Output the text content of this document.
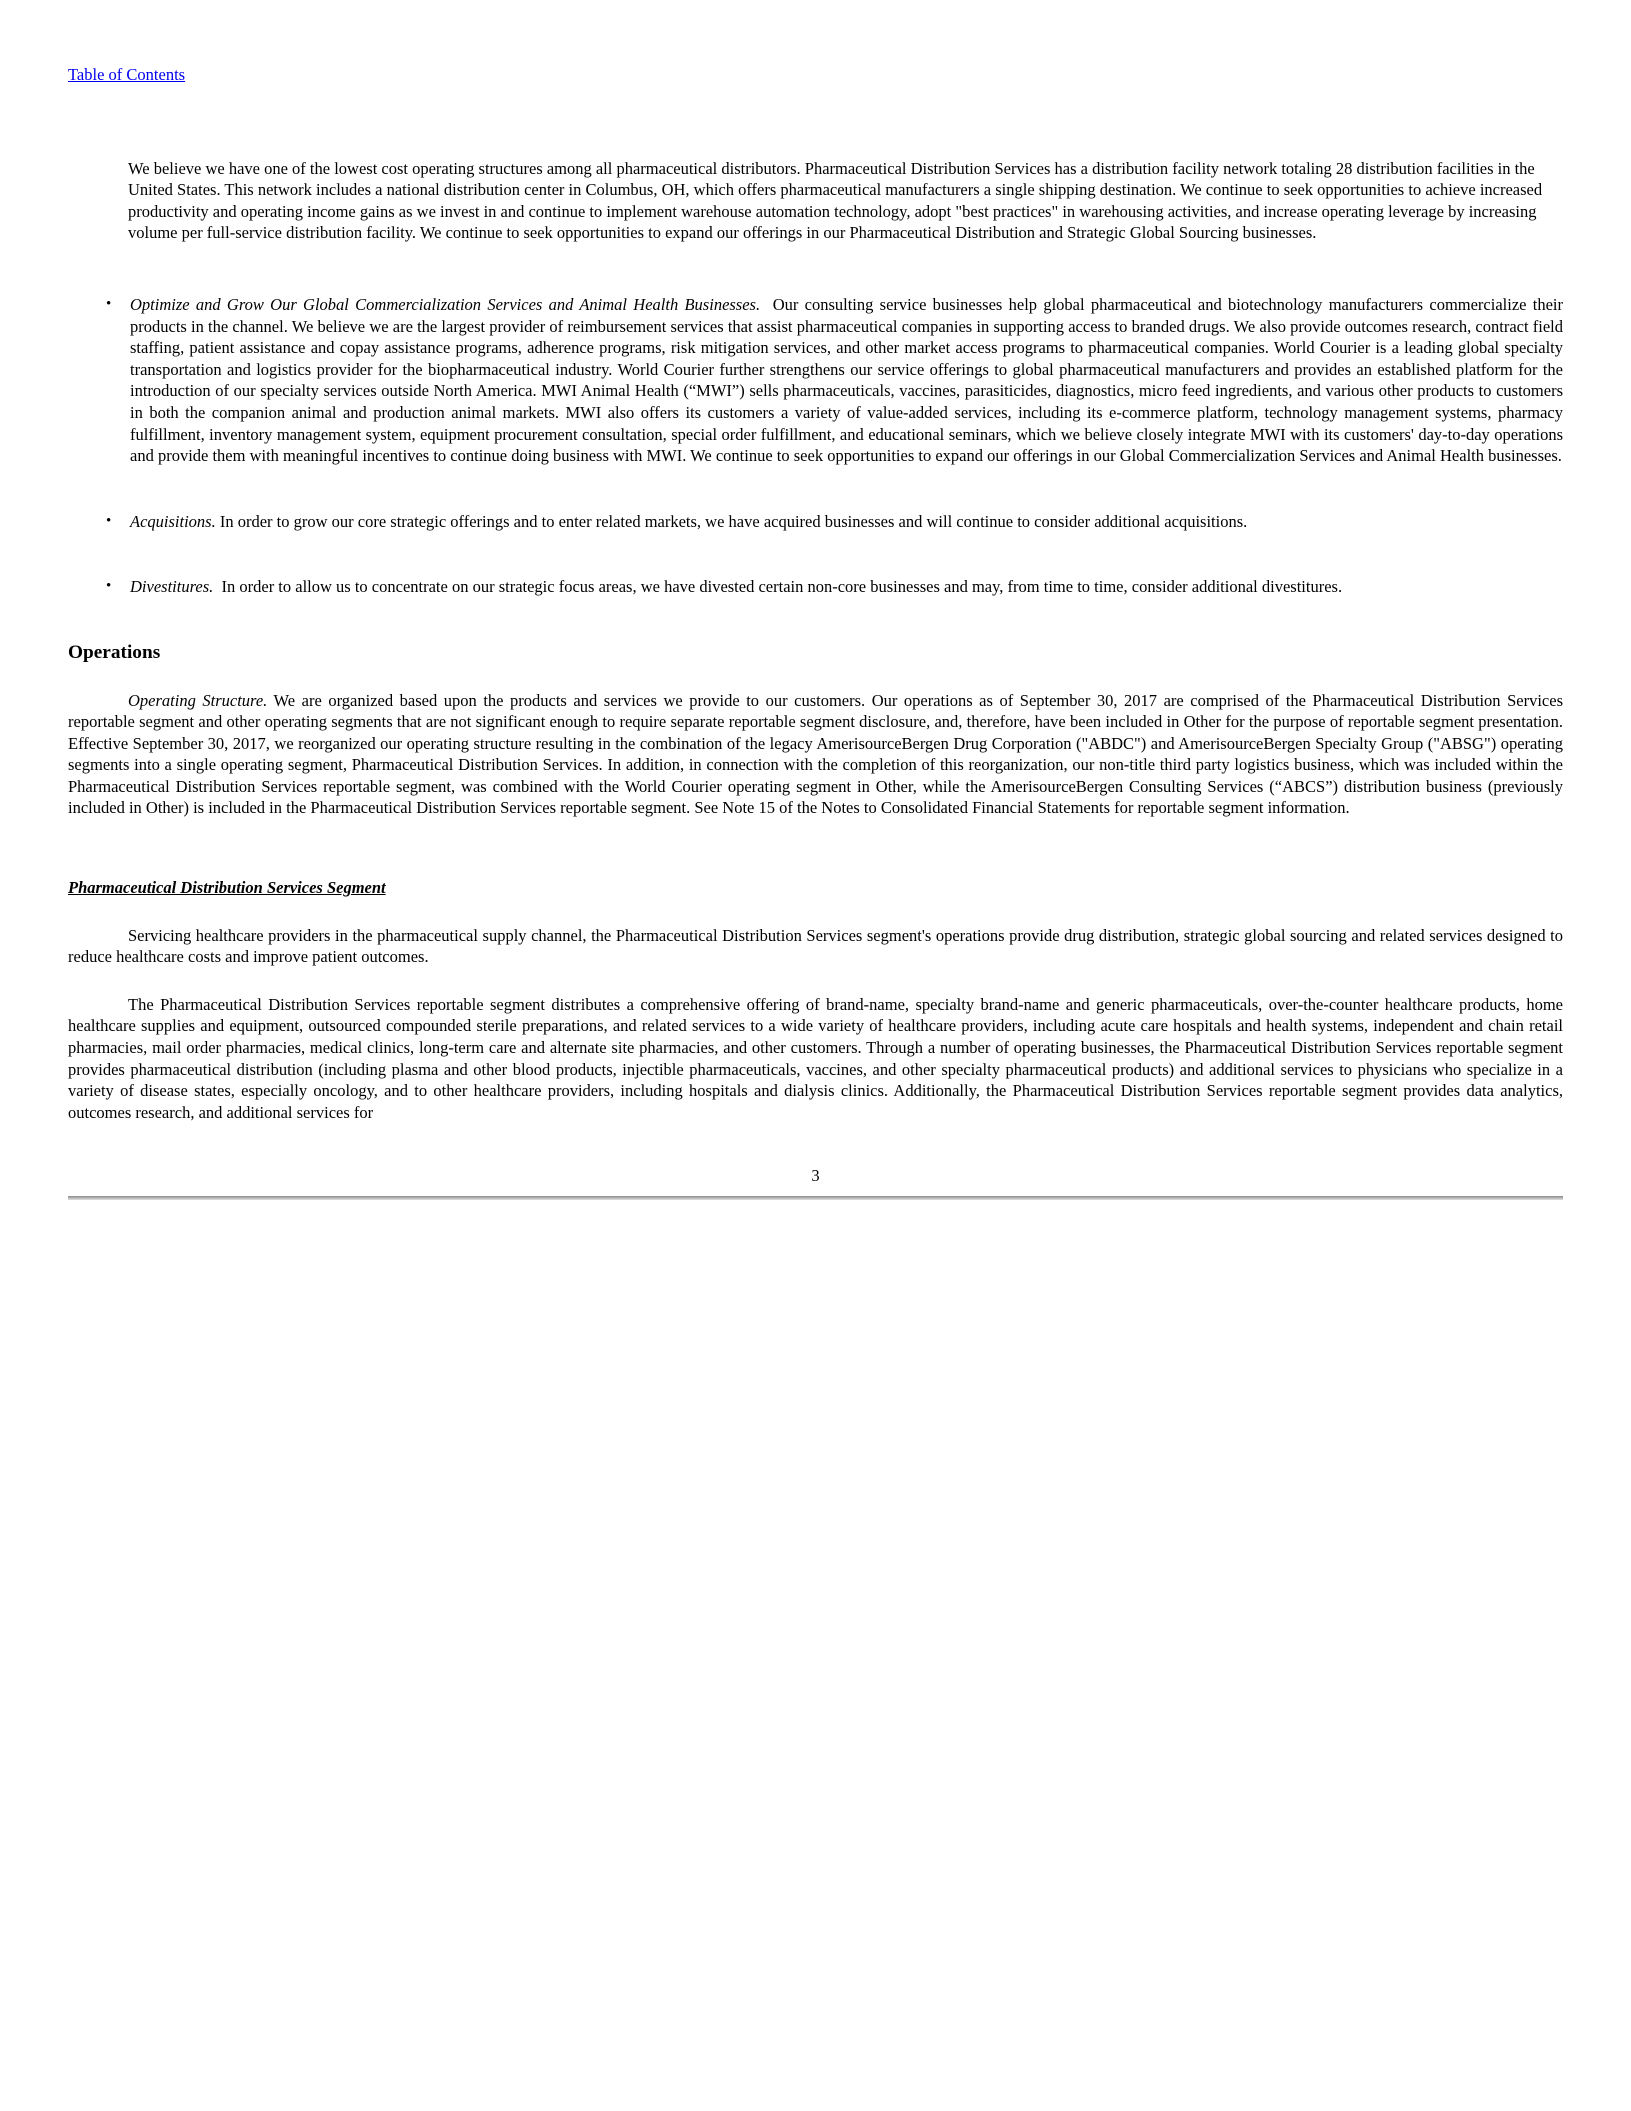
Table of Contents

We believe we have one of the lowest cost operating structures among all pharmaceutical distributors. Pharmaceutical Distribution Services has a distribution facility network totaling 28 distribution facilities in the United States. This network includes a national distribution center in Columbus, OH, which offers pharmaceutical manufacturers a single shipping destination. We continue to seek opportunities to achieve increased productivity and operating income gains as we invest in and continue to implement warehouse automation technology, adopt "best practices" in warehousing activities, and increase operating leverage by increasing volume per full-service distribution facility. We continue to seek opportunities to expand our offerings in our Pharmaceutical Distribution and Strategic Global Sourcing businesses.

•	Optimize and Grow Our Global Commercialization Services and Animal Health Businesses. Our consulting service businesses help global pharmaceutical and biotechnology manufacturers commercialize their products in the channel. We believe we are the largest provider of reimbursement services that assist pharmaceutical companies in supporting access to branded drugs. We also provide outcomes research, contract field staffing, patient assistance and copay assistance programs, adherence programs, risk mitigation services, and other market access programs to pharmaceutical companies. World Courier is a leading global specialty transportation and logistics provider for the biopharmaceutical industry. World Courier further strengthens our service offerings to global pharmaceutical manufacturers and provides an established platform for the introduction of our specialty services outside North America. MWI Animal Health (“MWI”) sells pharmaceuticals, vaccines, parasiticides, diagnostics, micro feed ingredients, and various other products to customers in both the companion animal and production animal markets. MWI also offers its customers a variety of value-added services, including its e-commerce platform, technology management systems, pharmacy fulfillment, inventory management system, equipment procurement consultation, special order fulfillment, and educational seminars, which we believe closely integrate MWI with its customers' day-to-day operations and provide them with meaningful incentives to continue doing business with MWI. We continue to seek opportunities to expand our offerings in our Global Commercialization Services and Animal Health businesses.

•	Acquisitions. In order to grow our core strategic offerings and to enter related markets, we have acquired businesses and will continue to consider additional acquisitions.

•	Divestitures. In order to allow us to concentrate on our strategic focus areas, we have divested certain non-core businesses and may, from time to time, consider additional divestitures.

Operations

Operating Structure. We are organized based upon the products and services we provide to our customers. Our operations as of September 30, 2017 are comprised of the Pharmaceutical Distribution Services reportable segment and other operating segments that are not significant enough to require separate reportable segment disclosure, and, therefore, have been included in Other for the purpose of reportable segment presentation. Effective September 30, 2017, we reorganized our operating structure resulting in the combination of the legacy AmerisourceBergen Drug Corporation ("ABDC") and AmerisourceBergen Specialty Group ("ABSG") operating segments into a single operating segment, Pharmaceutical Distribution Services. In addition, in connection with the completion of this reorganization, our non-title third party logistics business, which was included within the Pharmaceutical Distribution Services reportable segment, was combined with the World Courier operating segment in Other, while the AmerisourceBergen Consulting Services (“ABCS”) distribution business (previously included in Other) is included in the Pharmaceutical Distribution Services reportable segment. See Note 15 of the Notes to Consolidated Financial Statements for reportable segment information.

Pharmaceutical Distribution Services Segment

Servicing healthcare providers in the pharmaceutical supply channel, the Pharmaceutical Distribution Services segment's operations provide drug distribution, strategic global sourcing and related services designed to reduce healthcare costs and improve patient outcomes.

The Pharmaceutical Distribution Services reportable segment distributes a comprehensive offering of brand-name, specialty brand-name and generic pharmaceuticals, over-the-counter healthcare products, home healthcare supplies and equipment, outsourced compounded sterile preparations, and related services to a wide variety of healthcare providers, including acute care hospitals and health systems, independent and chain retail pharmacies, mail order pharmacies, medical clinics, long-term care and alternate site pharmacies, and other customers. Through a number of operating businesses, the Pharmaceutical Distribution Services reportable segment provides pharmaceutical distribution (including plasma and other blood products, injectible pharmaceuticals, vaccines, and other specialty pharmaceutical products) and additional services to physicians who specialize in a variety of disease states, especially oncology, and to other healthcare providers, including hospitals and dialysis clinics. Additionally, the Pharmaceutical Distribution Services reportable segment provides data analytics, outcomes research, and additional services for

3
